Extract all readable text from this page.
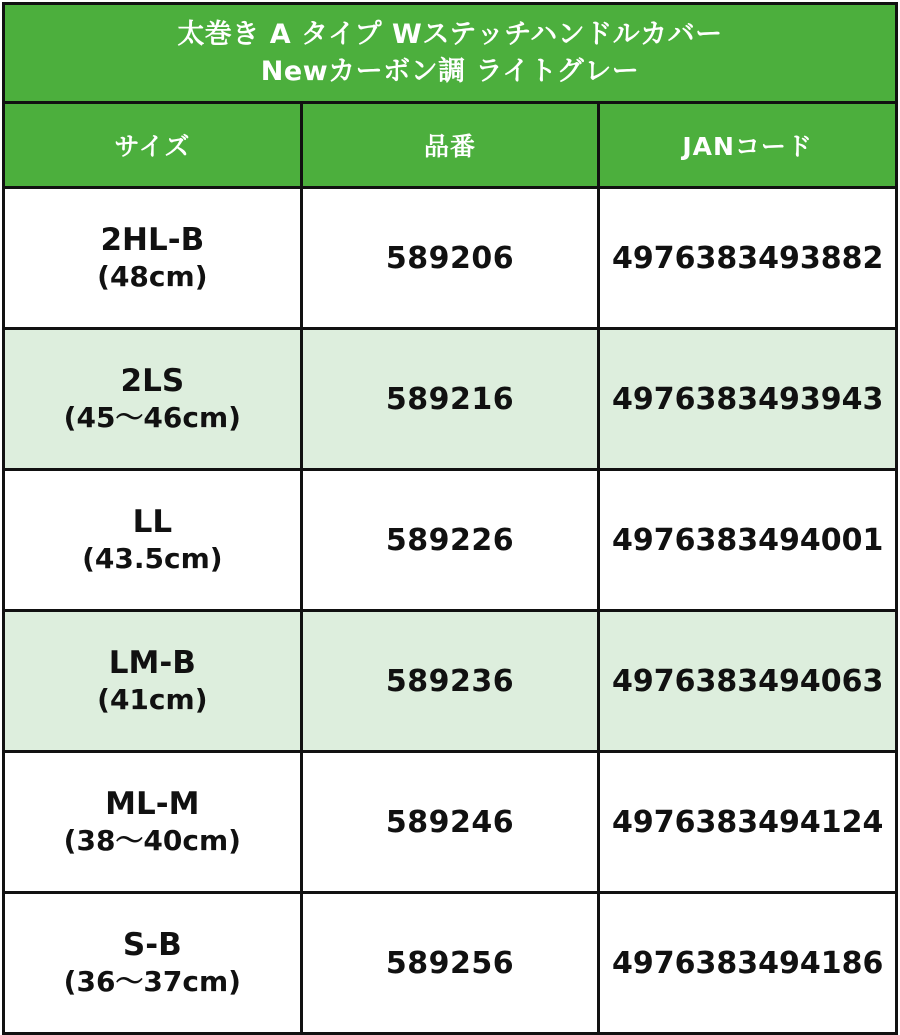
太巻き A タイプ Wステッチハンドルカバー
Newカーボン調 ライトグレー		

サイズ	品番	JANコード

2HL-B
(48cm)	589206	4976383493882

2LS
(45〜46cm)	589216	4976383493943

LL
(43.5cm)	589226	4976383494001

LM-B
(41cm)	589236	4976383494063

ML-M
(38〜40cm)	589246	4976383494124

S-B
(36〜37cm)	589256	4976383494186
